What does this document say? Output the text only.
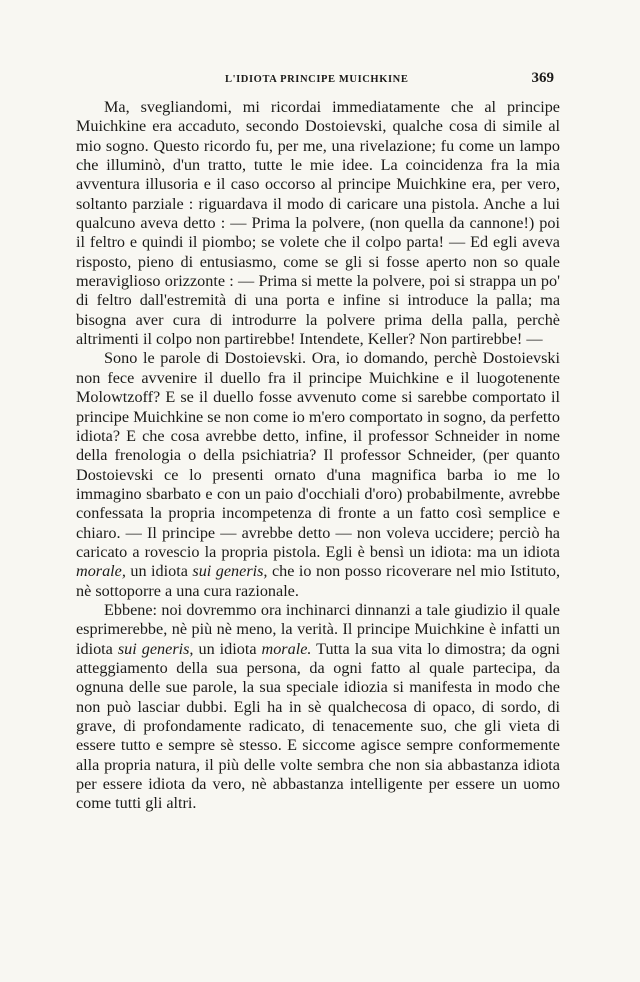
L'IDIOTA PRINCIPE MUICHKINE	369

Ma, svegliandomi, mi ricordai immediatamente che al principe Muichkine era accaduto, secondo Dostoievski, qualche cosa di simile al mio sogno. Questo ricordo fu, per me, una rivelazione; fu come un lampo che illuminò, d'un tratto, tutte le mie idee. La coincidenza fra la mia avventura illusoria e il caso occorso al principe Muichkine era, per vero, soltanto parziale : riguardava il modo di caricare una pistola. Anche a lui qualcuno aveva detto : — Prima la polvere, (non quella da cannone!) poi il feltro e quindi il piombo; se volete che il colpo parta! — Ed egli aveva risposto, pieno di entusiasmo, come se gli si fosse aperto non so quale meraviglioso orizzonte : — Prima si mette la polvere, poi si strappa un po' di feltro dall'estremità di una porta e infine si introduce la palla; ma bisogna aver cura di introdurre la polvere prima della palla, perchè altrimenti il colpo non partirebbe! Intendete, Keller? Non partirebbe! —

Sono le parole di Dostoievski. Ora, io domando, perchè Dostoievski non fece avvenire il duello fra il principe Muichkine e il luogotenente Molowtzoff? E se il duello fosse avvenuto come si sarebbe comportato il principe Muichkine se non come io m'ero comportato in sogno, da perfetto idiota? E che cosa avrebbe detto, infine, il professor Schneider in nome della frenologia o della psichiatria? Il professor Schneider, (per quanto Dostoievski ce lo presenti ornato d'una magnifica barba io me lo immagino sbarbato e con un paio d'occhiali d'oro) probabilmente, avrebbe confessata la propria incompetenza di fronte a un fatto così semplice e chiaro. — Il principe — avrebbe detto — non voleva uccidere; perciò ha caricato a rovescio la propria pistola. Egli è bensì un idiota: ma un idiota morale, un idiota sui generis, che io non posso ricoverare nel mio Istituto, nè sottoporre a una cura razionale.

Ebbene: noi dovremmo ora inchinarci dinnanzi a tale giudizio il quale esprimerebbe, nè più nè meno, la verità. Il principe Muichkine è infatti un idiota sui generis, un idiota morale. Tutta la sua vita lo dimostra; da ogni atteggiamento della sua persona, da ogni fatto al quale partecipa, da ognuna delle sue parole, la sua speciale idiozia si manifesta in modo che non può lasciar dubbi. Egli ha in sè qualchecosa di opaco, di sordo, di grave, di profondamente radicato, di tenacemente suo, che gli vieta di essere tutto e sempre sè stesso. E siccome agisce sempre conformemente alla propria natura, il più delle volte sembra che non sia abbastanza idiota per essere idiota da vero, nè abbastanza intelligente per essere un uomo come tutti gli altri.
